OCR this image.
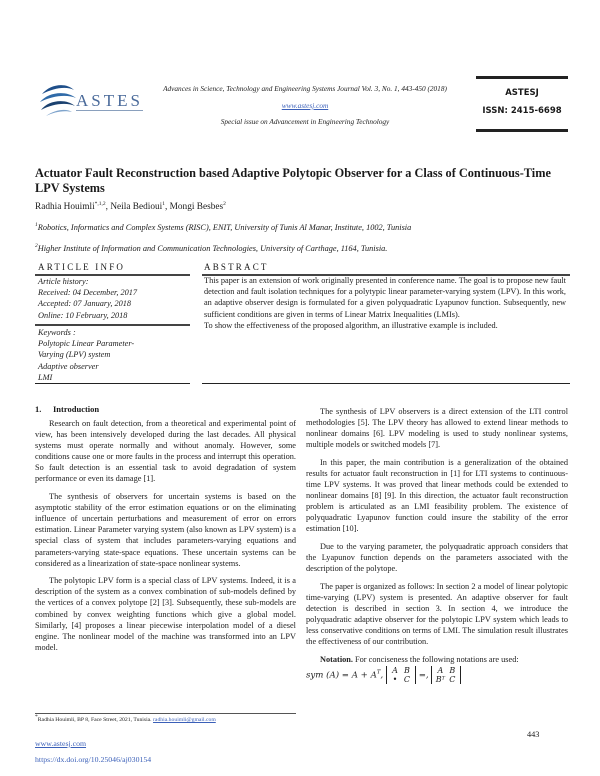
ASTES
Advances in Science, Technology and Engineering Systems Journal Vol. 3, No. 1, 443-450 (2018)
www.astesj.com
Special issue on Advancement in Engineering Technology
ASTESJ
ISSN: 2415-6698
Actuator Fault Reconstruction based Adaptive Polytopic Observer for a Class of Continuous-Time LPV Systems
Radhia Houimli$^{*,1,2}$, Neila Bedioui$^1$, Mongi Besbes$^2$
$^1$Robotics, Informatics and Complex Systems (RISC), ENIT, University of Tunis Al Manar, Institute, 1002, Tunisia
$^2$Higher Institute of Information and Communication Technologies, University of Carthage, 1164, Tunisia.
ARTICLE INFO
Article history:
Received: 04 December, 2017
Accepted: 07 January, 2018
Online: 10 February, 2018
Keywords :
Polytopic Linear Parameter-
Varying (LPV) system
Adaptive observer
LMI
ABSTRACT

This paper is an extension of work originally presented in conference name. The goal is to propose new fault detection and fault isolation techniques for a polytypic linear parameter-varying system (LPV). In this work, an adaptive observer design is formulated for a given polyquadratic Lyapunov function. Subsequently, new sufficient conditions are given in terms of Linear Matrix Inequalities (LMIs).

To show the effectiveness of the proposed algorithm, an illustrative example is included.

1. Introduction

Research on fault detection, from a theoretical and experimental point of view, has been intensively developed during the last decades. All physical systems must operate normally and without anomaly. However, some conditions cause one or more faults in the process and interrupt this operation. So fault detection is an essential task to avoid degradation of system performance or even its damage [1].

The synthesis of observers for uncertain systems is based on the asymptotic stability of the error estimation equations or on the eliminating influence of uncertain perturbations and measurement of error on errors estimation. Linear Parameter varying system (also known as LPV system) is a special class of system that includes parameters-varying equations and parameters-varying state-space equations. These uncertain systems can be considered as a linearization of state-space nonlinear systems.

The polytopic LPV form is a special class of LPV systems. Indeed, it is a description of the system as a convex combination of sub-models defined by the vertices of a convex polytope [2] [3]. Subsequently, these sub-models are combined by convex weighting functions which give a global model. Similarly, [4] proposes a linear piecewise interpolation model of a diesel engine. The nonlinear model of the machine was transformed into an LPV model.

The synthesis of LPV observers is a direct extension of the LTI control methodologies [5]. The LPV theory has allowed to extend linear methods to nonlinear domains [6]. LPV modeling is used to study nonlinear systems, multiple models or switched models [7].

In this paper, the main contribution is a generalization of the obtained results for actuator fault reconstruction in [1] for LTI systems to continuous-time LPV systems. It was proved that linear methods could be extended to nonlinear domains [8] [9]. In this direction, the actuator fault reconstruction problem is articulated as an LMI feasibility problem. The existence of polyquadratic Lyapunov function could insure the stability of the error estimation [10].

Due to the varying parameter, the polyquadratic approach considers that the Lyapunov function depends on the parameters associated with the description of the polytope.

The paper is organized as follows: In section 2 a model of linear polytopic time-varying (LPV) system is presented. An adaptive observer for fault detection is described in section 3. In section 4, we introduce the polyquadratic adaptive observer for the polytopic LPV system which leads to less conservative conditions on terms of LMI. The simulation result illustrates the effectiveness of our contribution.

Notation. For conciseness the following notations are used:

sym $(A) = A + A^T$, A B
• C =, A B
Bᵀ C
*Radhia Houimli, BP 8, Face Street, 2021, Tunisia. radhia.houimli@gmail.com
www.astesj.com
https://dx.doi.org/10.25046/aj030154
443
